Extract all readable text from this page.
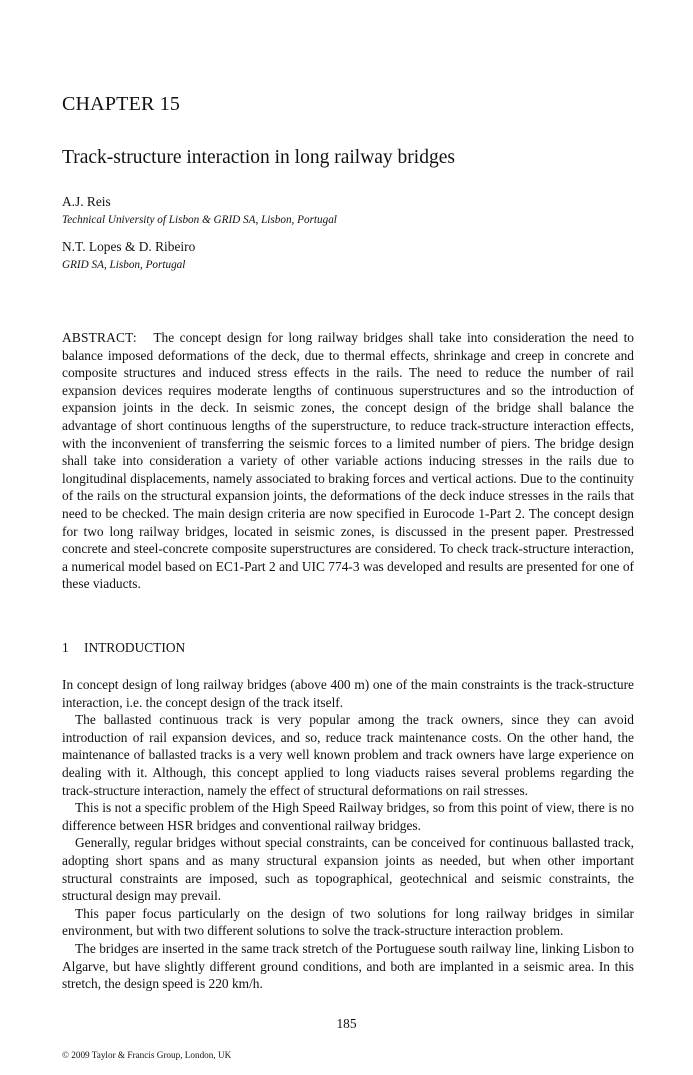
CHAPTER 15
Track-structure interaction in long railway bridges
A.J. Reis
Technical University of Lisbon & GRID SA, Lisbon, Portugal
N.T. Lopes & D. Ribeiro
GRID SA, Lisbon, Portugal
ABSTRACT: The concept design for long railway bridges shall take into consideration the need to balance imposed deformations of the deck, due to thermal effects, shrinkage and creep in concrete and composite structures and induced stress effects in the rails. The need to reduce the number of rail expansion devices requires moderate lengths of continuous superstructures and so the introduction of expansion joints in the deck. In seismic zones, the concept design of the bridge shall balance the advantage of short continuous lengths of the superstructure, to reduce track-structure interaction effects, with the inconvenient of transferring the seismic forces to a limited number of piers. The bridge design shall take into consideration a variety of other variable actions inducing stresses in the rails due to longitudinal displacements, namely associated to braking forces and vertical actions. Due to the continuity of the rails on the structural expansion joints, the deformations of the deck induce stresses in the rails that need to be checked. The main design criteria are now specified in Eurocode 1-Part 2. The concept design for two long railway bridges, located in seismic zones, is discussed in the present paper. Prestressed concrete and steel-concrete composite superstructures are considered. To check track-structure interaction, a numerical model based on EC1-Part 2 and UIC 774-3 was developed and results are presented for one of these viaducts.
1 INTRODUCTION

In concept design of long railway bridges (above 400 m) one of the main constraints is the track-structure interaction, i.e. the concept design of the track itself.

The ballasted continuous track is very popular among the track owners, since they can avoid introduction of rail expansion devices, and so, reduce track maintenance costs. On the other hand, the maintenance of ballasted tracks is a very well known problem and track owners have large experience on dealing with it. Although, this concept applied to long viaducts raises several problems regarding the track-structure interaction, namely the effect of structural deformations on rail stresses.

This is not a specific problem of the High Speed Railway bridges, so from this point of view, there is no difference between HSR bridges and conventional railway bridges.

Generally, regular bridges without special constraints, can be conceived for continuous ballasted track, adopting short spans and as many structural expansion joints as needed, but when other important structural constraints are imposed, such as topographical, geotechnical and seismic constraints, the structural design may prevail.

This paper focus particularly on the design of two solutions for long railway bridges in similar environment, but with two different solutions to solve the track-structure interaction problem.

The bridges are inserted in the same track stretch of the Portuguese south railway line, linking Lisbon to Algarve, but have slightly different ground conditions, and both are implanted in a seismic area. In this stretch, the design speed is 220 km/h.

185
© 2009 Taylor & Francis Group, London, UK
